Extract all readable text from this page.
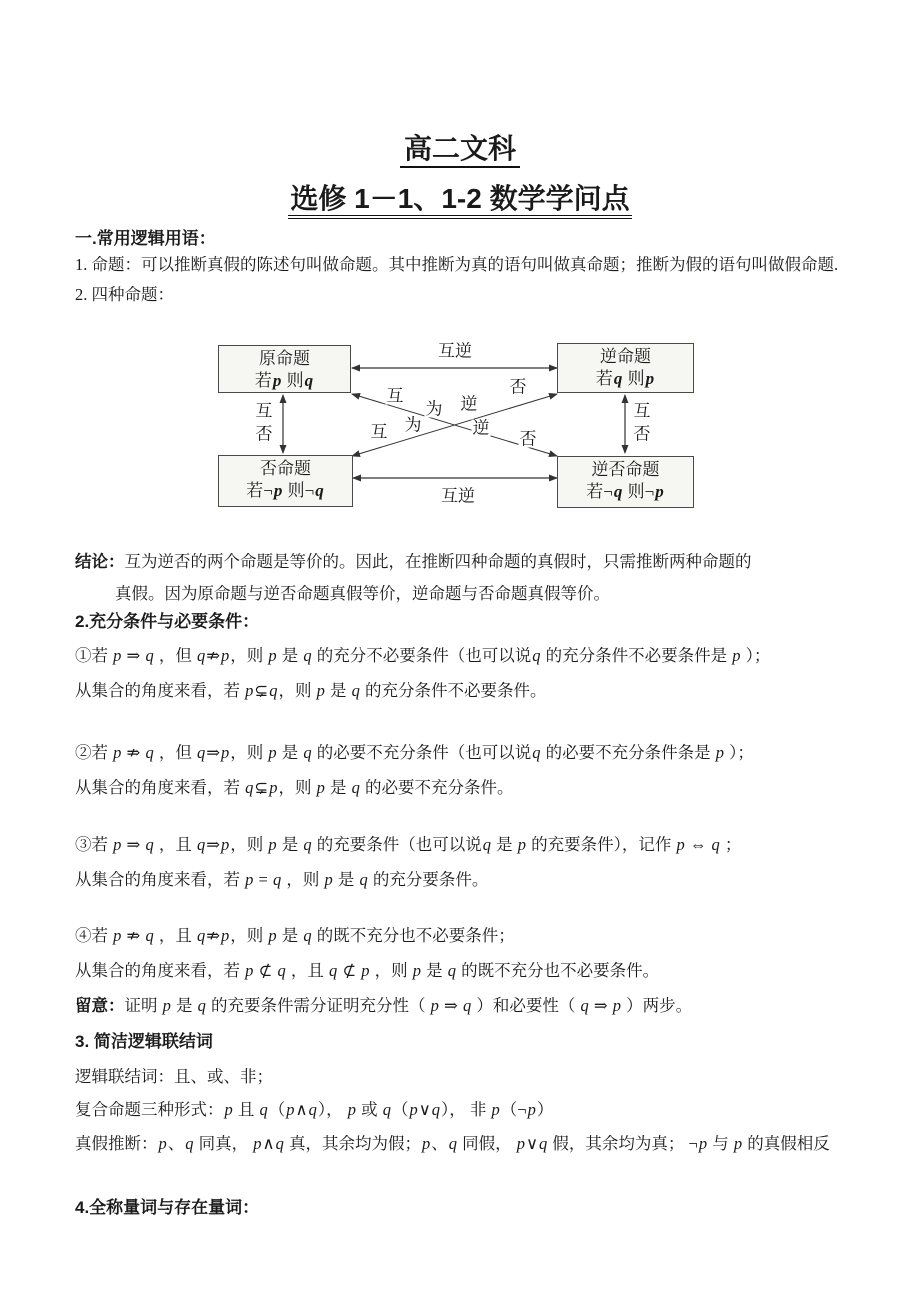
高二文科
选修 1－1、1-2 数学学问点

一.常用逻辑用语：

1. 命题：可以推断真假的陈述句叫做命题。其中推断为真的语句叫做真命题；推断为假的语句叫做假命题.

2. 四种命题：

原命题
若p 则q
逆命题
若q 则p
否命题
若¬p 则¬q
逆否命题
若¬q 则¬p
互逆
互逆
互
否
互
否
互
为 逆
否
互 为	逆
否

结论：互为逆否的两个命题是等价的。因此，在推断四种命题的真假时，只需推断两种命题的

真假。因为原命题与逆否命题真假等价，逆命题与否命题真假等价。

2.充分条件与必要条件：

①若 p ⇒ q ，但 q⇏p，则 p 是 q 的充分不必要条件（也可以说q 的充分条件不必要条件是 p ）；

从集合的角度来看，若 p⊊q，则 p 是 q 的充分条件不必要条件。

②若 p ⇏ q ，但 q⇒p，则 p 是 q 的必要不充分条件（也可以说q 的必要不充分条件条是 p ）；

从集合的角度来看，若 q⊊p，则 p 是 q 的必要不充分条件。

③若 p ⇒ q ，且 q⇒p，则 p 是 q 的充要条件（也可以说q 是 p 的充要条件），记作 p ⇔ q ；

从集合的角度来看，若 p = q ，则 p 是 q 的充分要条件。

④若 p ⇏ q ，且 q⇏p，则 p 是 q 的既不充分也不必要条件；

从集合的角度来看，若 p ⊄ q ，且 q ⊄ p ，则 p 是 q 的既不充分也不必要条件。

留意：证明 p 是 q 的充要条件需分证明充分性（ p ⇒ q ）和必要性（ q ⇒ p ）两步。

3. 简洁逻辑联结词

逻辑联结词：且、或、非；

复合命题三种形式：p 且 q（p∧q）， p 或 q（p∨q）， 非 p（¬p）

真假推断：p、q 同真， p∧q 真，其余均为假；p、q 同假， p∨q 假，其余均为真； ¬p 与 p 的真假相反

4.全称量词与存在量词：
